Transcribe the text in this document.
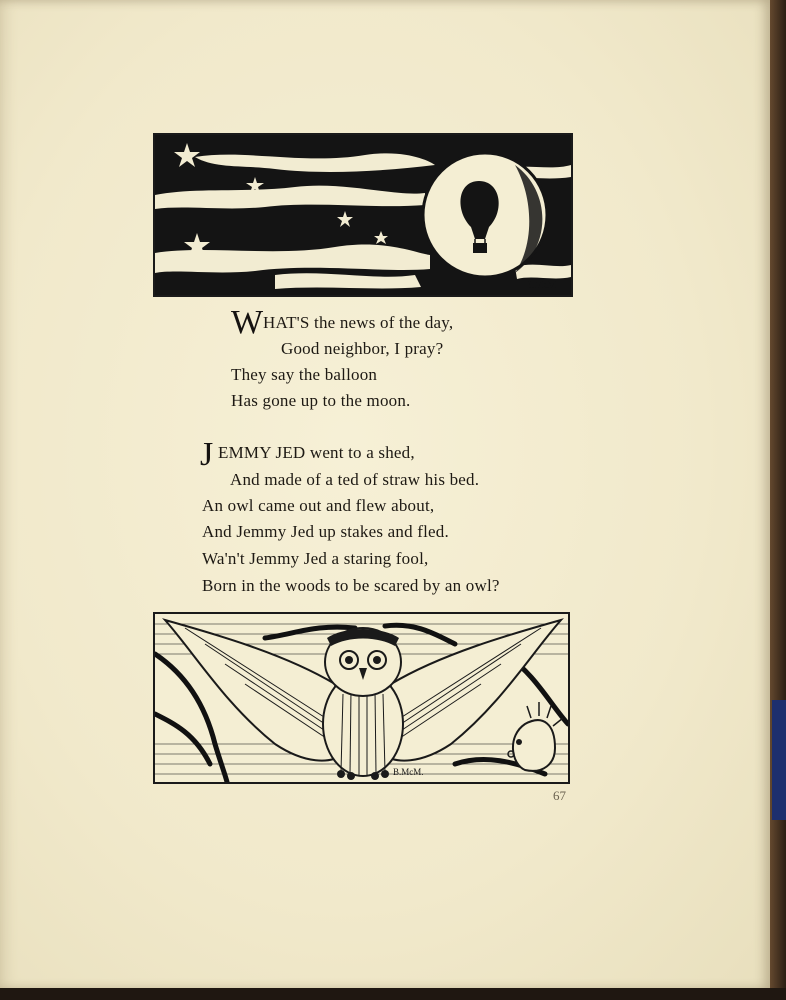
B.McM.
W HAT'S the news of the day,
Good neighbor, I pray?
They say the balloon
Has gone up to the moon.
J EMMY JED went to a shed,
And made of a ted of straw his bed.
An owl came out and flew about,
And Jemmy Jed up stakes and fled.
Wa'n't Jemmy Jed a staring fool,
Born in the woods to be scared by an owl?
B.McM.
67
